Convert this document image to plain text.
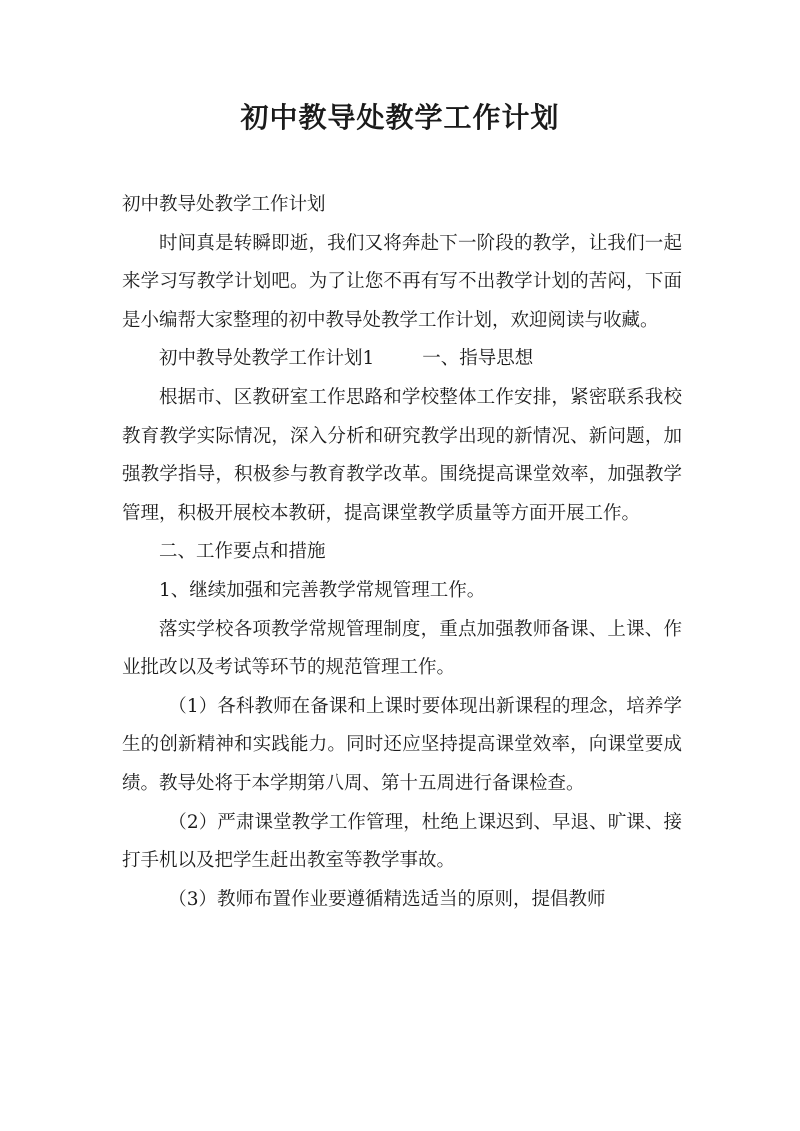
初中教导处教学工作计划

初中教导处教学工作计划

时间真是转瞬即逝，我们又将奔赴下一阶段的教学，让我们一起来学习写教学计划吧。为了让您不再有写不出教学计划的苦闷，下面是小编帮大家整理的初中教导处教学工作计划，欢迎阅读与收藏。

初中教导处教学工作计划1	一、指导思想

根据市、区教研室工作思路和学校整体工作安排，紧密联系我校教育教学实际情况，深入分析和研究教学出现的新情况、新问题，加强教学指导，积极参与教育教学改革。围绕提高课堂效率，加强教学管理，积极开展校本教研，提高课堂教学质量等方面开展工作。

二、工作要点和措施

1、继续加强和完善教学常规管理工作。

落实学校各项教学常规管理制度，重点加强教师备课、上课、作业批改以及考试等环节的规范管理工作。

（1）各科教师在备课和上课时要体现出新课程的理念，培养学生的创新精神和实践能力。同时还应坚持提高课堂效率，向课堂要成绩。教导处将于本学期第八周、第十五周进行备课检查。

（2）严肃课堂教学工作管理，杜绝上课迟到、早退、旷课、接打手机以及把学生赶出教室等教学事故。

（3）教师布置作业要遵循精选适当的原则，提倡教师
